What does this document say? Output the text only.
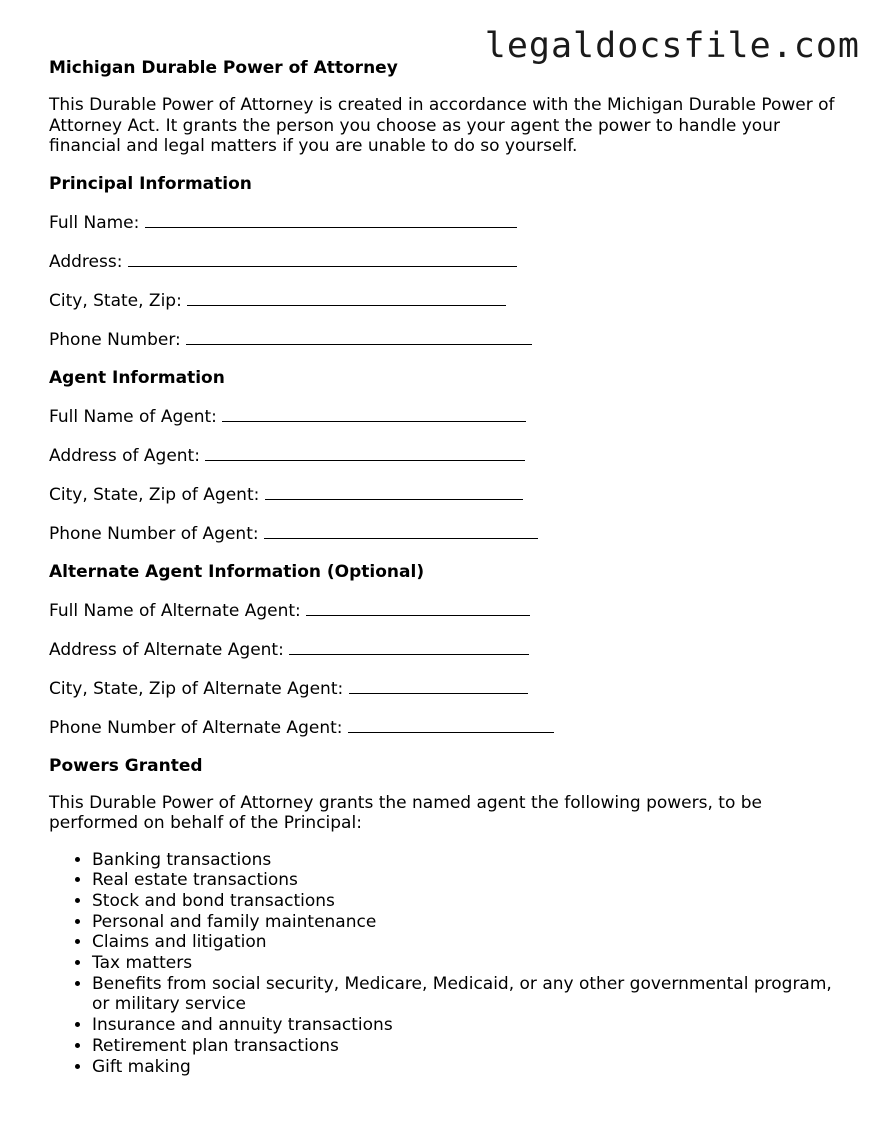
legaldocsfile.com
Michigan Durable Power of Attorney

This Durable Power of Attorney is created in accordance with the Michigan Durable Power of Attorney Act. It grants the person you choose as your agent the power to handle your financial and legal matters if you are unable to do so yourself.

Principal Information
Full Name:
Address:
City, State, Zip:
Phone Number:
Agent Information
Full Name of Agent:
Address of Agent:
City, State, Zip of Agent:
Phone Number of Agent:
Alternate Agent Information (Optional)
Full Name of Alternate Agent:
Address of Alternate Agent:
City, State, Zip of Alternate Agent:
Phone Number of Alternate Agent:
Powers Granted

This Durable Power of Attorney grants the named agent the following powers, to be performed on behalf of the Principal:

• Banking transactions
• Real estate transactions
• Stock and bond transactions
• Personal and family maintenance
• Claims and litigation
• Tax matters
• Benefits from social security, Medicare, Medicaid, or any other governmental program, or military service
• Insurance and annuity transactions
• Retirement plan transactions
• Gift making
